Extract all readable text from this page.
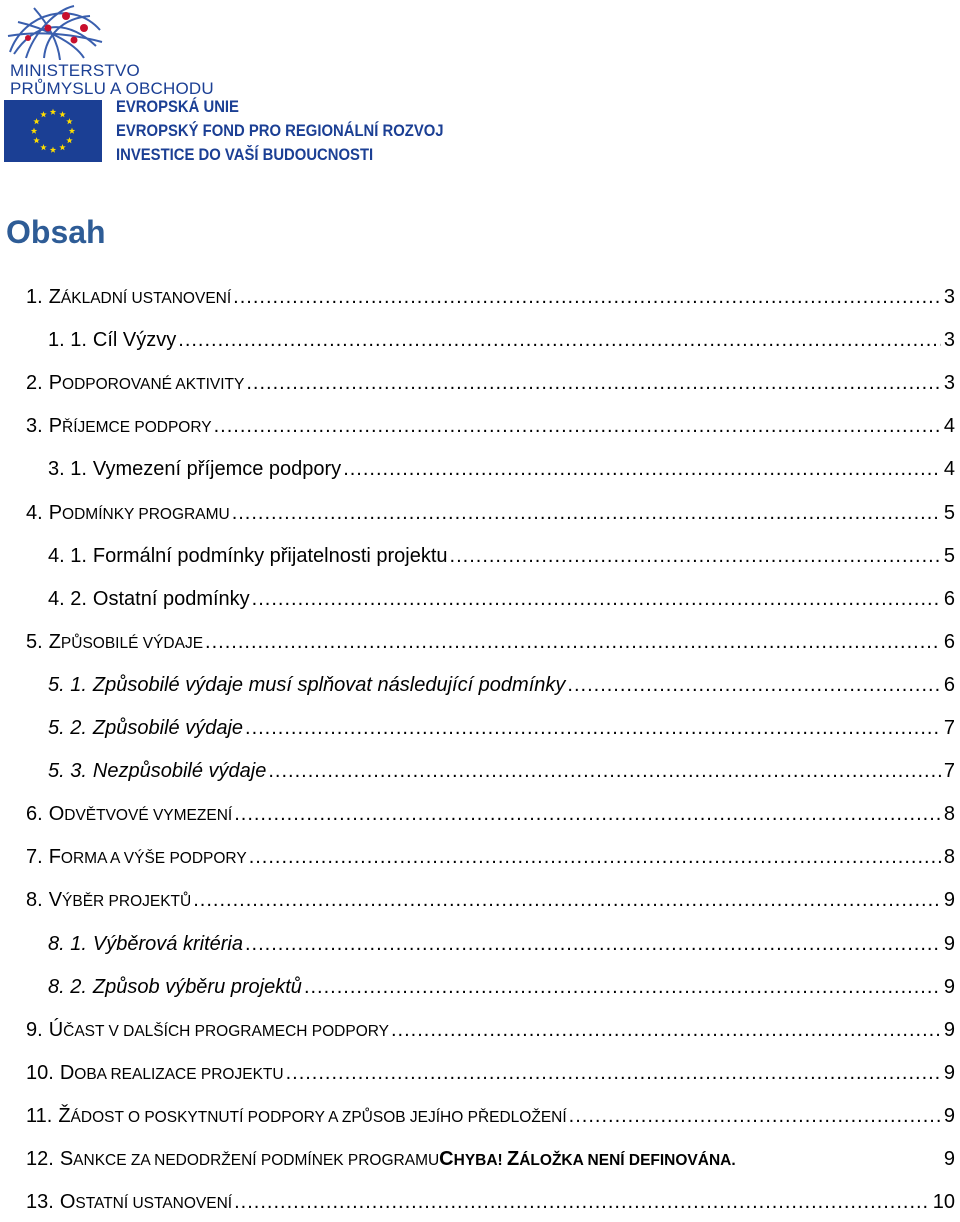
MINISTERSTVO
PRŮMYSLU A OBCHODU
EVROPSKÁ UNIE
EVROPSKÝ FOND PRO REGIONÁLNÍ ROZVOJ
INVESTICE DO VAŠÍ BUDOUCNOSTI
Obsah
1. ZÁKLADNÍ USTANOVENÍ .....	3
1. 1. Cíl Výzvy .....	3
2. PODPOROVANÉ AKTIVITY .....	3
3. PŘÍJEMCE PODPORY .....	4
3. 1. Vymezení příjemce podpory .....	4
4. PODMÍNKY PROGRAMU .....	5
4. 1. Formální podmínky přijatelnosti projektu .....	5
4. 2. Ostatní podmínky .....	6
5. ZPŮSOBILÉ VÝDAJE .....	6
5. 1. Způsobilé výdaje musí splňovat následující podmínky .....	6
5. 2. Způsobilé výdaje .....	7
5. 3. Nezpůsobilé výdaje .....	7
6. ODVĚTVOVÉ VYMEZENÍ .....	8
7. FORMA A VÝŠE PODPORY .....	8
8. VÝBĚR PROJEKTŮ .....	9
8. 1. Výběrová kritéria .....	9
8. 2. Způsob výběru projektů .....	9
9. ÚČAST V DALŠÍCH PROGRAMECH PODPORY .....	9
10. DOBA REALIZACE PROJEKTU .....	9
11. ŽÁDOST O POSKYTNUTÍ PODPORY A ZPŮSOB JEJÍHO PŘEDLOŽENÍ .....	9
12. SANKCE ZA NEDODRŽENÍ PODMÍNEK PROGRAMUCHYBA! ZÁLOŽKA NENÍ DEFINOVÁNA.	9
13. OSTATNÍ USTANOVENÍ .....	10
